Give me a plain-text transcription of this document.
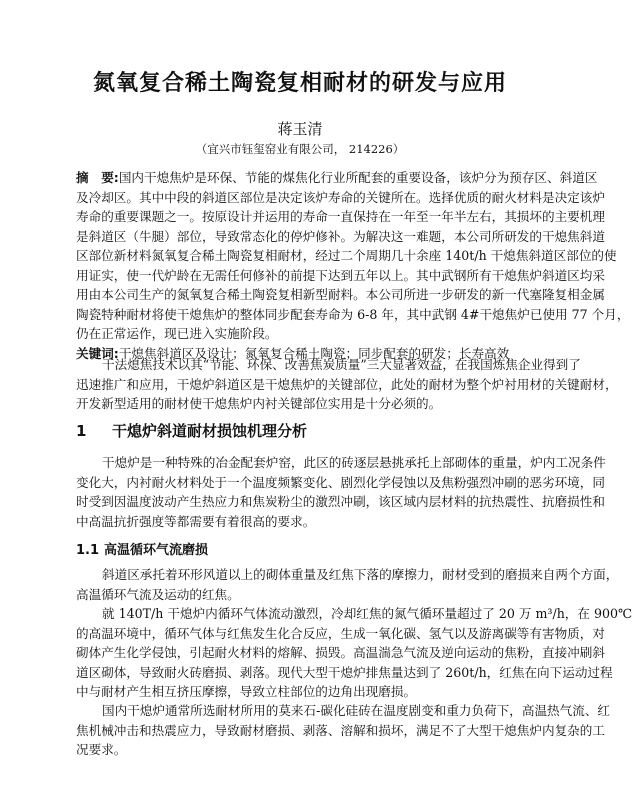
氮氧复合稀土陶瓷复相耐材的研发与应用
蒋玉清
（宜兴市钰玺窑业有限公司， 214226）
摘　要:国内干熄焦炉是环保、节能的煤焦化行业所配套的重要设备，该炉分为预存区、斜道区
及冷却区。其中中段的斜道区部位是决定该炉寿命的关键所在。选择优质的耐火材料是决定该炉
寿命的重要课题之一。按原设计并运用的寿命一直保持在一年至一年半左右，其损坏的主要机理
是斜道区（牛腿）部位，导致常态化的停炉修补。为解决这一难题，本公司所研发的干熄焦斜道
区部位新材料氮氧复合稀土陶瓷复相耐材，经过二个周期几十余座 140t/h 干熄焦斜道区部位的使
用证实，使一代炉龄在无需任何修补的前提下达到五年以上。其中武钢所有干熄焦炉斜道区均采
用由本公司生产的氮氧复合稀土陶瓷复相新型耐料。本公司所进一步研发的新一代塞隆复相金属
陶瓷特种耐材将使干熄焦炉的整体同步配套寿命为 6-8 年，其中武钢 4#干熄焦炉已使用 77 个月，
仍在正常运作，现已进入实施阶段。
关键词:干熄焦斜道区及设计；氮氧复合稀土陶瓷；同步配套的研发；长寿高效
干法熄焦技术以其“节能、环保、改善焦炭质量”三大显著效益，在我国炼焦企业得到了
迅速推广和应用，干熄炉斜道区是干熄焦炉的关键部位，此处的耐材为整个炉衬用材的关键耐材，
开发新型适用的耐材使干熄焦炉内衬关键部位实用是十分必须的。
1 干熄炉斜道耐材损蚀机理分析
干熄炉是一种特殊的冶金配套炉窑，此区的砖逐层悬挑承托上部砌体的重量，炉内工况条件
变化大，内衬耐火材料处于一个温度频繁变化、剧烈化学侵蚀以及焦粉强烈冲刷的恶劣环境，同
时受到因温度波动产生热应力和焦炭粉尘的激烈冲刷，该区域内层材料的抗热震性、抗磨损性和
中高温抗折强度等都需要有着很高的要求。
1.1 高温循环气流磨损
斜道区承托着环形风道以上的砌体重量及红焦下落的摩擦力，耐材受到的磨损来自两个方面，
高温循环气流及运动的红焦。
就 140T/h 干熄炉内循环气体流动激烈，冷却红焦的氮气循环量超过了 20 万 m³/h，在 900℃
的高温环境中，循环气体与红焦发生化合反应，生成一氧化碳、氢气以及游离碳等有害物质，对
砌体产生化学侵蚀，引起耐火材料的熔解、损毁。高温湍急气流及逆向运动的焦粉，直接冲刷斜
道区砌体，导致耐火砖磨损、剥落。现代大型干熄炉排焦量达到了 260t/h，红焦在向下运动过程
中与耐材产生相互挤压摩擦，导致立柱部位的边角出现磨损。
国内干熄炉通常所选耐材所用的莫来石-碳化硅砖在温度剧变和重力负荷下，高温热气流、红
焦机械冲击和热震应力，导致耐材磨损、剥落、溶解和损坏，满足不了大型干熄焦炉内复杂的工
况要求。
